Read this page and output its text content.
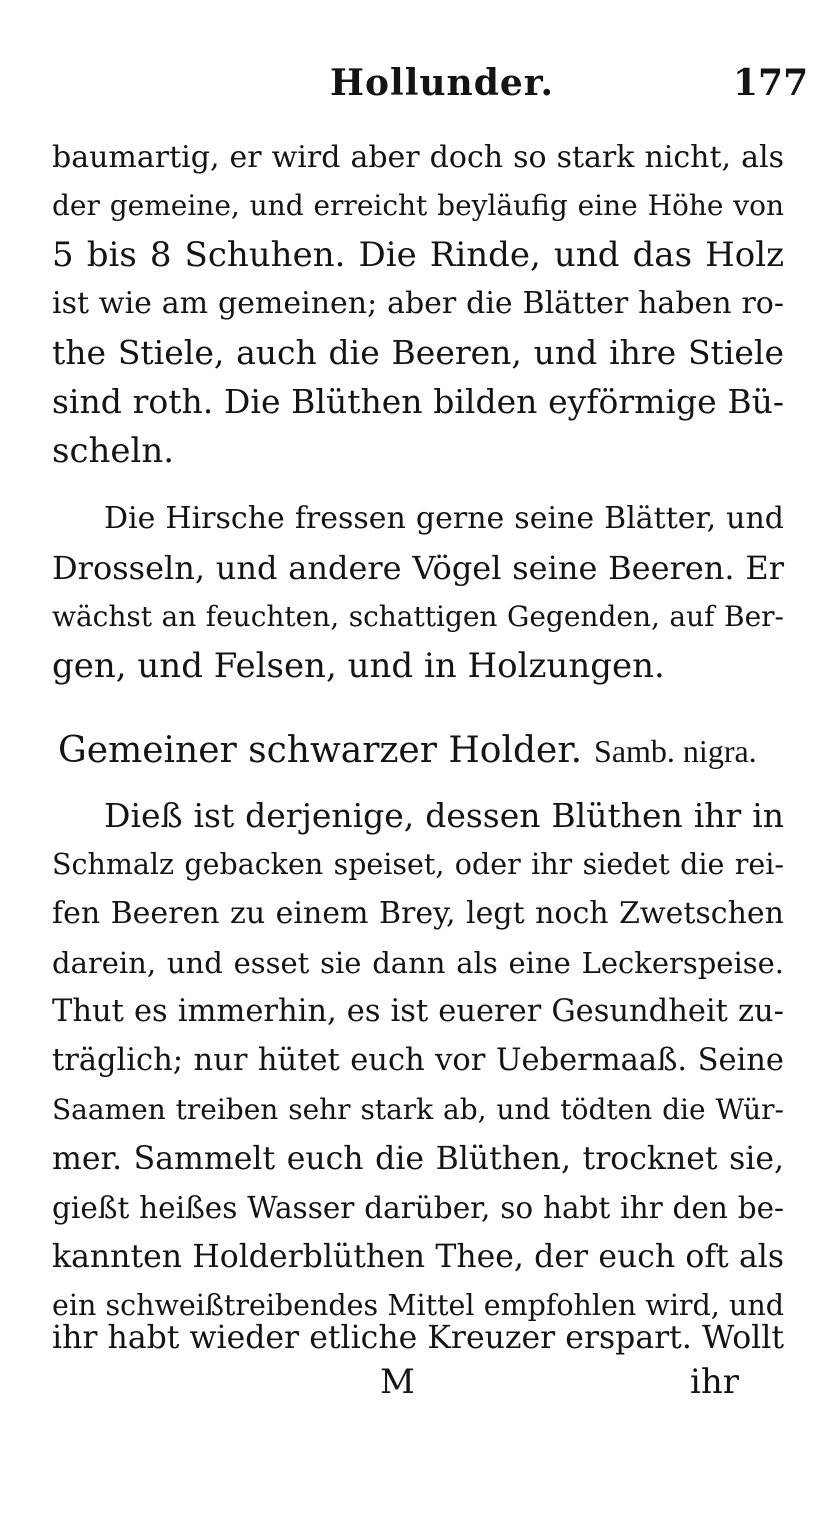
Hollunder.	177
baumartig, er wird aber doch so stark nicht, als
der gemeine, und erreicht beyläufig eine Höhe von
5 bis 8 Schuhen. Die Rinde, und das Holz
ist wie am gemeinen; aber die Blätter haben ro-
the Stiele, auch die Beeren, und ihre Stiele
sind roth. Die Blüthen bilden eyförmige Bü-
scheln.
Die Hirsche fressen gerne seine Blätter, und
Drosseln, und andere Vögel seine Beeren. Er
wächst an feuchten, schattigen Gegenden, auf Ber-
gen, und Felsen, und in Holzungen.
Gemeiner schwarzer Holder. Samb. nigra.
Dieß ist derjenige, dessen Blüthen ihr in
Schmalz gebacken speiset, oder ihr siedet die rei-
fen Beeren zu einem Brey, legt noch Zwetschen
darein, und esset sie dann als eine Leckerspeise.
Thut es immerhin, es ist euerer Gesundheit zu-
träglich; nur hütet euch vor Uebermaaß. Seine
Saamen treiben sehr stark ab, und tödten die Wür-
mer. Sammelt euch die Blüthen, trocknet sie,
gießt heißes Wasser darüber, so habt ihr den be-
kannten Holderblüthen Thee, der euch oft als
ein schweißtreibendes Mittel empfohlen wird, und
ihr habt wieder etliche Kreuzer erspart. Wollt
M	ihr
